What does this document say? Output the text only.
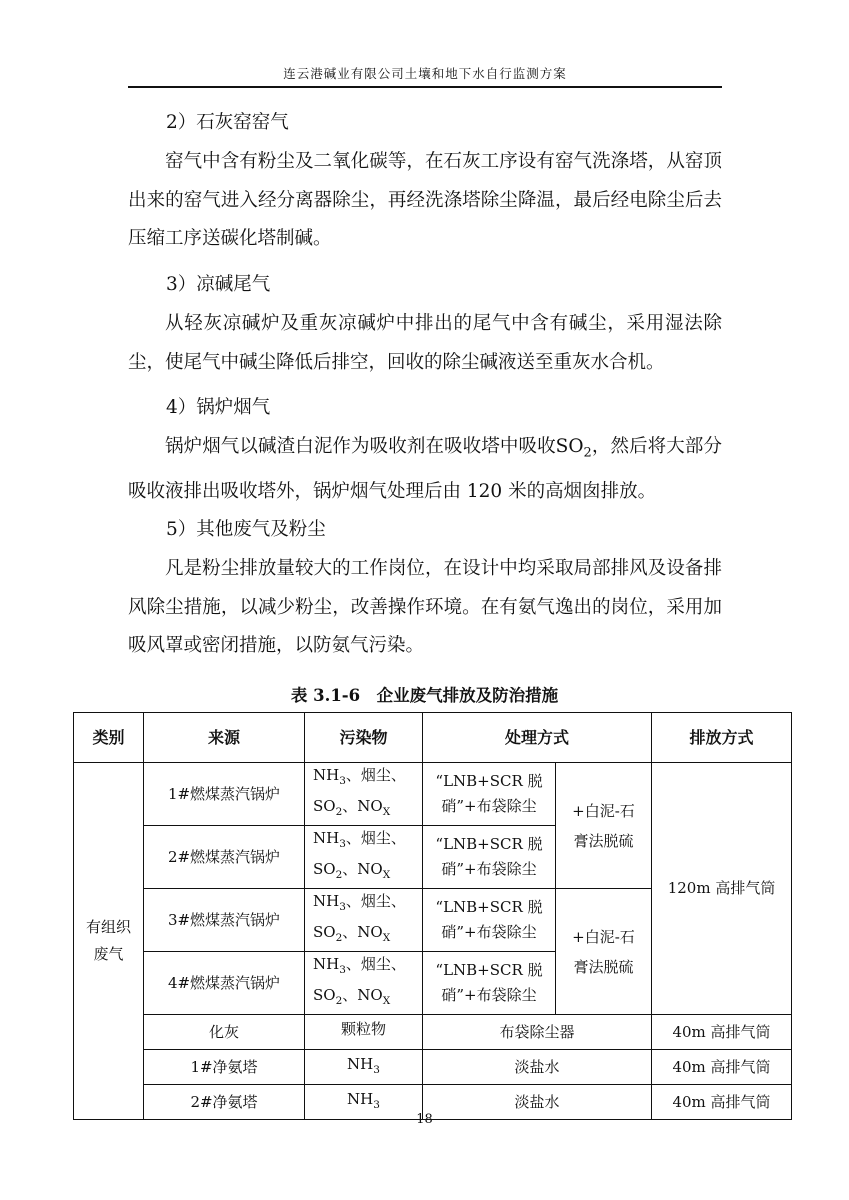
连云港碱业有限公司土壤和地下水自行监测方案

2）石灰窑窑气

窑气中含有粉尘及二氧化碳等，在石灰工序设有窑气洗涤塔，从窑顶出来的窑气进入经分离器除尘，再经洗涤塔除尘降温，最后经电除尘后去压缩工序送碳化塔制碱。

3）凉碱尾气

从轻灰凉碱炉及重灰凉碱炉中排出的尾气中含有碱尘，采用湿法除尘，使尾气中碱尘降低后排空，回收的除尘碱液送至重灰水合机。

4）锅炉烟气

锅炉烟气以碱渣白泥作为吸收剂在吸收塔中吸收$SO_2$，然后将大部分吸收液排出吸收塔外，锅炉烟气处理后由 120 米的高烟囱排放。

5）其他废气及粉尘

凡是粉尘排放量较大的工作岗位，在设计中均采取局部排风及设备排风除尘措施，以减少粉尘，改善操作环境。在有氨气逸出的岗位，采用加吸风罩或密闭措施，以防氨气污染。

表 3.1-6　企业废气排放及防治措施
类别	来源	污染物	处理方式		排放方式
有组织废气	1#燃煤蒸汽锅炉	$NH_3$、烟尘、
$SO_2$、$NO_X$	“LNB+SCR 脱硝”+布袋除尘	+白泥-石膏法脱硫	120m 高排气筒
	2#燃煤蒸汽锅炉	$NH_3$、烟尘、
$SO_2$、$NO_X$	“LNB+SCR 脱硝”+布袋除尘		
	3#燃煤蒸汽锅炉	$NH_3$、烟尘、
$SO_2$、$NO_X$	“LNB+SCR 脱硝”+布袋除尘	+白泥-石膏法脱硫	
	4#燃煤蒸汽锅炉	$NH_3$、烟尘、
$SO_2$、$NO_X$	“LNB+SCR 脱硝”+布袋除尘		
	化灰	颗粒物	布袋除尘器		40m 高排气筒
	1#净氨塔	$NH_3$	淡盐水		40m 高排气筒
	2#净氨塔	$NH_3$	淡盐水		40m 高排气筒
18
